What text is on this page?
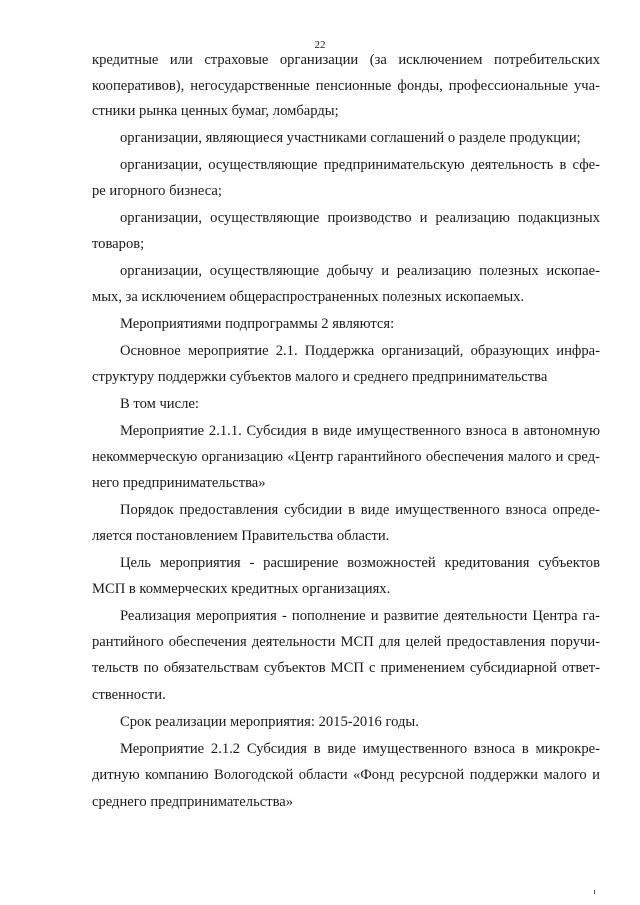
22
кредитные или страховые организации (за исключением потребительских
кооперативов), негосударственные пенсионные фонды, профессиональные уча-
стники рынка ценных бумаг, ломбарды;
организации, являющиеся участниками соглашений о разделе продукции;
организации, осуществляющие предпринимательскую деятельность в сфе-
ре игорного бизнеса;
организации, осуществляющие производство и реализацию подакцизных
товаров;
организации, осуществляющие добычу и реализацию полезных ископае-
мых, за исключением общераспространенных полезных ископаемых.
Мероприятиями подпрограммы 2 являются:
Основное мероприятие 2.1. Поддержка организаций, образующих инфра-
структуру поддержки субъектов малого и среднего предпринимательства
В том числе:
Мероприятие 2.1.1. Субсидия в виде имущественного взноса в автономную
некоммерческую организацию «Центр гарантийного обеспечения малого и сред-
него предпринимательства»
Порядок предоставления субсидии в виде имущественного взноса опреде-
ляется постановлением Правительства области.
Цель мероприятия - расширение возможностей кредитования субъектов
МСП в коммерческих кредитных организациях.
Реализация мероприятия - пополнение и развитие деятельности Центра га-
рантийного обеспечения деятельности МСП для целей предоставления поручи-
тельств по обязательствам субъектов МСП с применением субсидиарной ответ-
ственности.
Срок реализации мероприятия: 2015-2016 годы.
Мероприятие 2.1.2 Субсидия в виде имущественного взноса в микрокре-
дитную компанию Вологодской области «Фонд ресурсной поддержки малого и
среднего предпринимательства»
